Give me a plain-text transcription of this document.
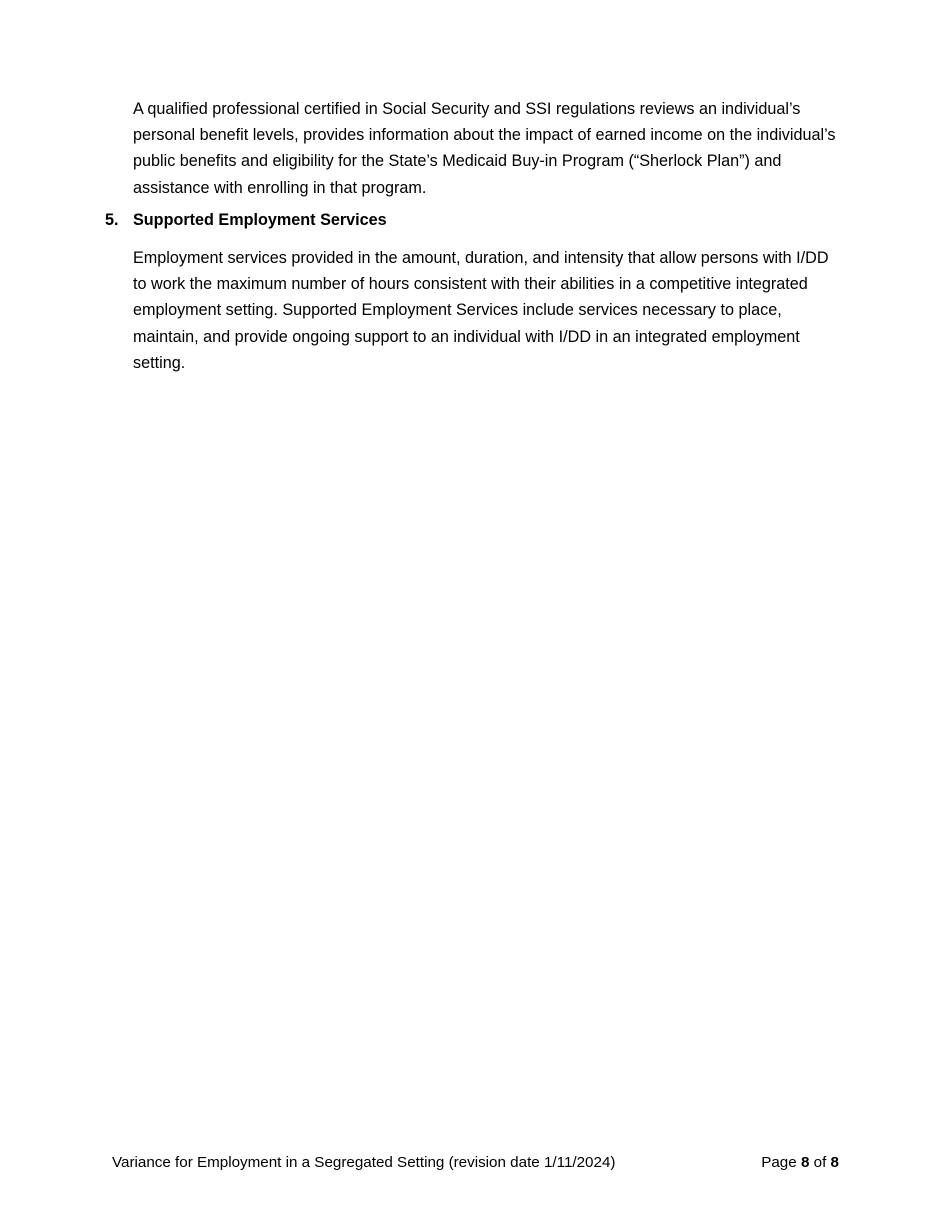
A qualified professional certified in Social Security and SSI regulations reviews an individual’s personal benefit levels, provides information about the impact of earned income on the individual’s public benefits and eligibility for the State’s Medicaid Buy-in Program (“Sherlock Plan”) and assistance with enrolling in that program.

5. Supported Employment Services

Employment services provided in the amount, duration, and intensity that allow persons with I/DD to work the maximum number of hours consistent with their abilities in a competitive integrated employment setting. Supported Employment Services include services necessary to place, maintain, and provide ongoing support to an individual with I/DD in an integrated employment setting.

Variance for Employment in a Segregated Setting (revision date 1/11/2024)	Page 8 of 8
